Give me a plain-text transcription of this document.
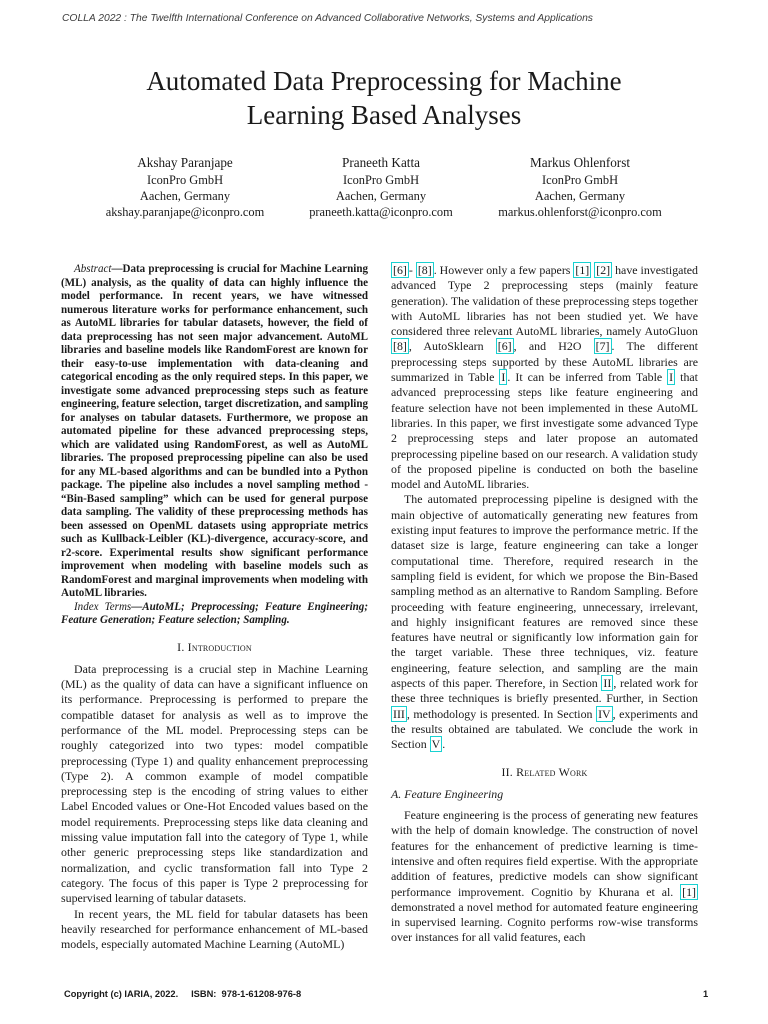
COLLA 2022 : The Twelfth International Conference on Advanced Collaborative Networks, Systems and Applications
Automated Data Preprocessing for Machine
Learning Based Analyses
Akshay Paranjape
IconPro GmbH
Aachen, Germany
akshay.paranjape@iconpro.com
Praneeth Katta
IconPro GmbH
Aachen, Germany
praneeth.katta@iconpro.com
Markus Ohlenforst
IconPro GmbH
Aachen, Germany
markus.ohlenforst@iconpro.com

Abstract—Data preprocessing is crucial for Machine Learning (ML) analysis, as the quality of data can highly influence the model performance. In recent years, we have witnessed numerous literature works for performance enhancement, such as AutoML libraries for tabular datasets, however, the field of data preprocessing has not seen major advancement. AutoML libraries and baseline models like RandomForest are known for their easy-to-use implementation with data-cleaning and categorical encoding as the only required steps. In this paper, we investigate some advanced preprocessing steps such as feature engineering, feature selection, target discretization, and sampling for analyses on tabular datasets. Furthermore, we propose an automated pipeline for these advanced preprocessing steps, which are validated using RandomForest, as well as AutoML libraries. The proposed preprocessing pipeline can also be used for any ML-based algorithms and can be bundled into a Python package. The pipeline also includes a novel sampling method - “Bin-Based sampling” which can be used for general purpose data sampling. The validity of these preprocessing methods has been assessed on OpenML datasets using appropriate metrics such as Kullback-Leibler (KL)-divergence, accuracy-score, and r2-score. Experimental results show significant performance improvement when modeling with baseline models such as RandomForest and marginal improvements when modeling with AutoML libraries.

Index Terms—AutoML; Preprocessing; Feature Engineering; Feature Generation; Feature selection; Sampling.

I. Introduction

Data preprocessing is a crucial step in Machine Learning (ML) as the quality of data can have a significant influence on its performance. Preprocessing is performed to prepare the compatible dataset for analysis as well as to improve the performance of the ML model. Preprocessing steps can be roughly categorized into two types: model compatible preprocessing (Type 1) and quality enhancement preprocessing (Type 2). A common example of model compatible preprocessing step is the encoding of string values to either Label Encoded values or One-Hot Encoded values based on the model requirements. Preprocessing steps like data cleaning and missing value imputation fall into the category of Type 1, while other generic preprocessing steps like standardization and normalization, and cyclic transformation fall into Type 2 category. The focus of this paper is Type 2 preprocessing for supervised learning of tabular datasets.

In recent years, the ML field for tabular datasets has been heavily researched for performance enhancement of ML-based models, especially automated Machine Learning (AutoML)

[6] - [8] . However only a few papers [1] [2] have investigated advanced Type 2 preprocessing steps (mainly feature generation). The validation of these preprocessing steps together with AutoML libraries has not been studied yet. We have considered three relevant AutoML libraries, namely AutoGluon [8] , AutoSklearn [6] , and H2O [7] . The different preprocessing steps supported by these AutoML libraries are summarized in Table I . It can be inferred from Table I that advanced preprocessing steps like feature engineering and feature selection have not been implemented in these AutoML libraries. In this paper, we first investigate some advanced Type 2 preprocessing steps and later propose an automated preprocessing pipeline based on our research. A validation study of the proposed pipeline is conducted on both the baseline model and AutoML libraries.

The automated preprocessing pipeline is designed with the main objective of automatically generating new features from existing input features to improve the performance metric. If the dataset size is large, feature engineering can take a longer computational time. Therefore, required research in the sampling field is evident, for which we propose the Bin-Based sampling method as an alternative to Random Sampling. Before proceeding with feature engineering, unnecessary, irrelevant, and highly insignificant features are removed since these features have neutral or significantly low information gain for the target variable. These three techniques, viz. feature engineering, feature selection, and sampling are the main aspects of this paper. Therefore, in Section II , related work for these three techniques is briefly presented. Further, in Section III , methodology is presented. In Section IV , experiments and the results obtained are tabulated. We conclude the work in Section V .

II. Related Work
A. Feature Engineering

Feature engineering is the process of generating new features with the help of domain knowledge. The construction of novel features for the enhancement of predictive learning is time-intensive and often requires field expertise. With the appropriate addition of features, predictive models can show significant performance improvement. Cognitio by Khurana et al. [1] demonstrated a novel method for automated feature engineering in supervised learning. Cognito performs row-wise transforms over instances for all valid features, each

Copyright (c) IARIA, 2022.     ISBN:  978-1-61208-976-8	1
